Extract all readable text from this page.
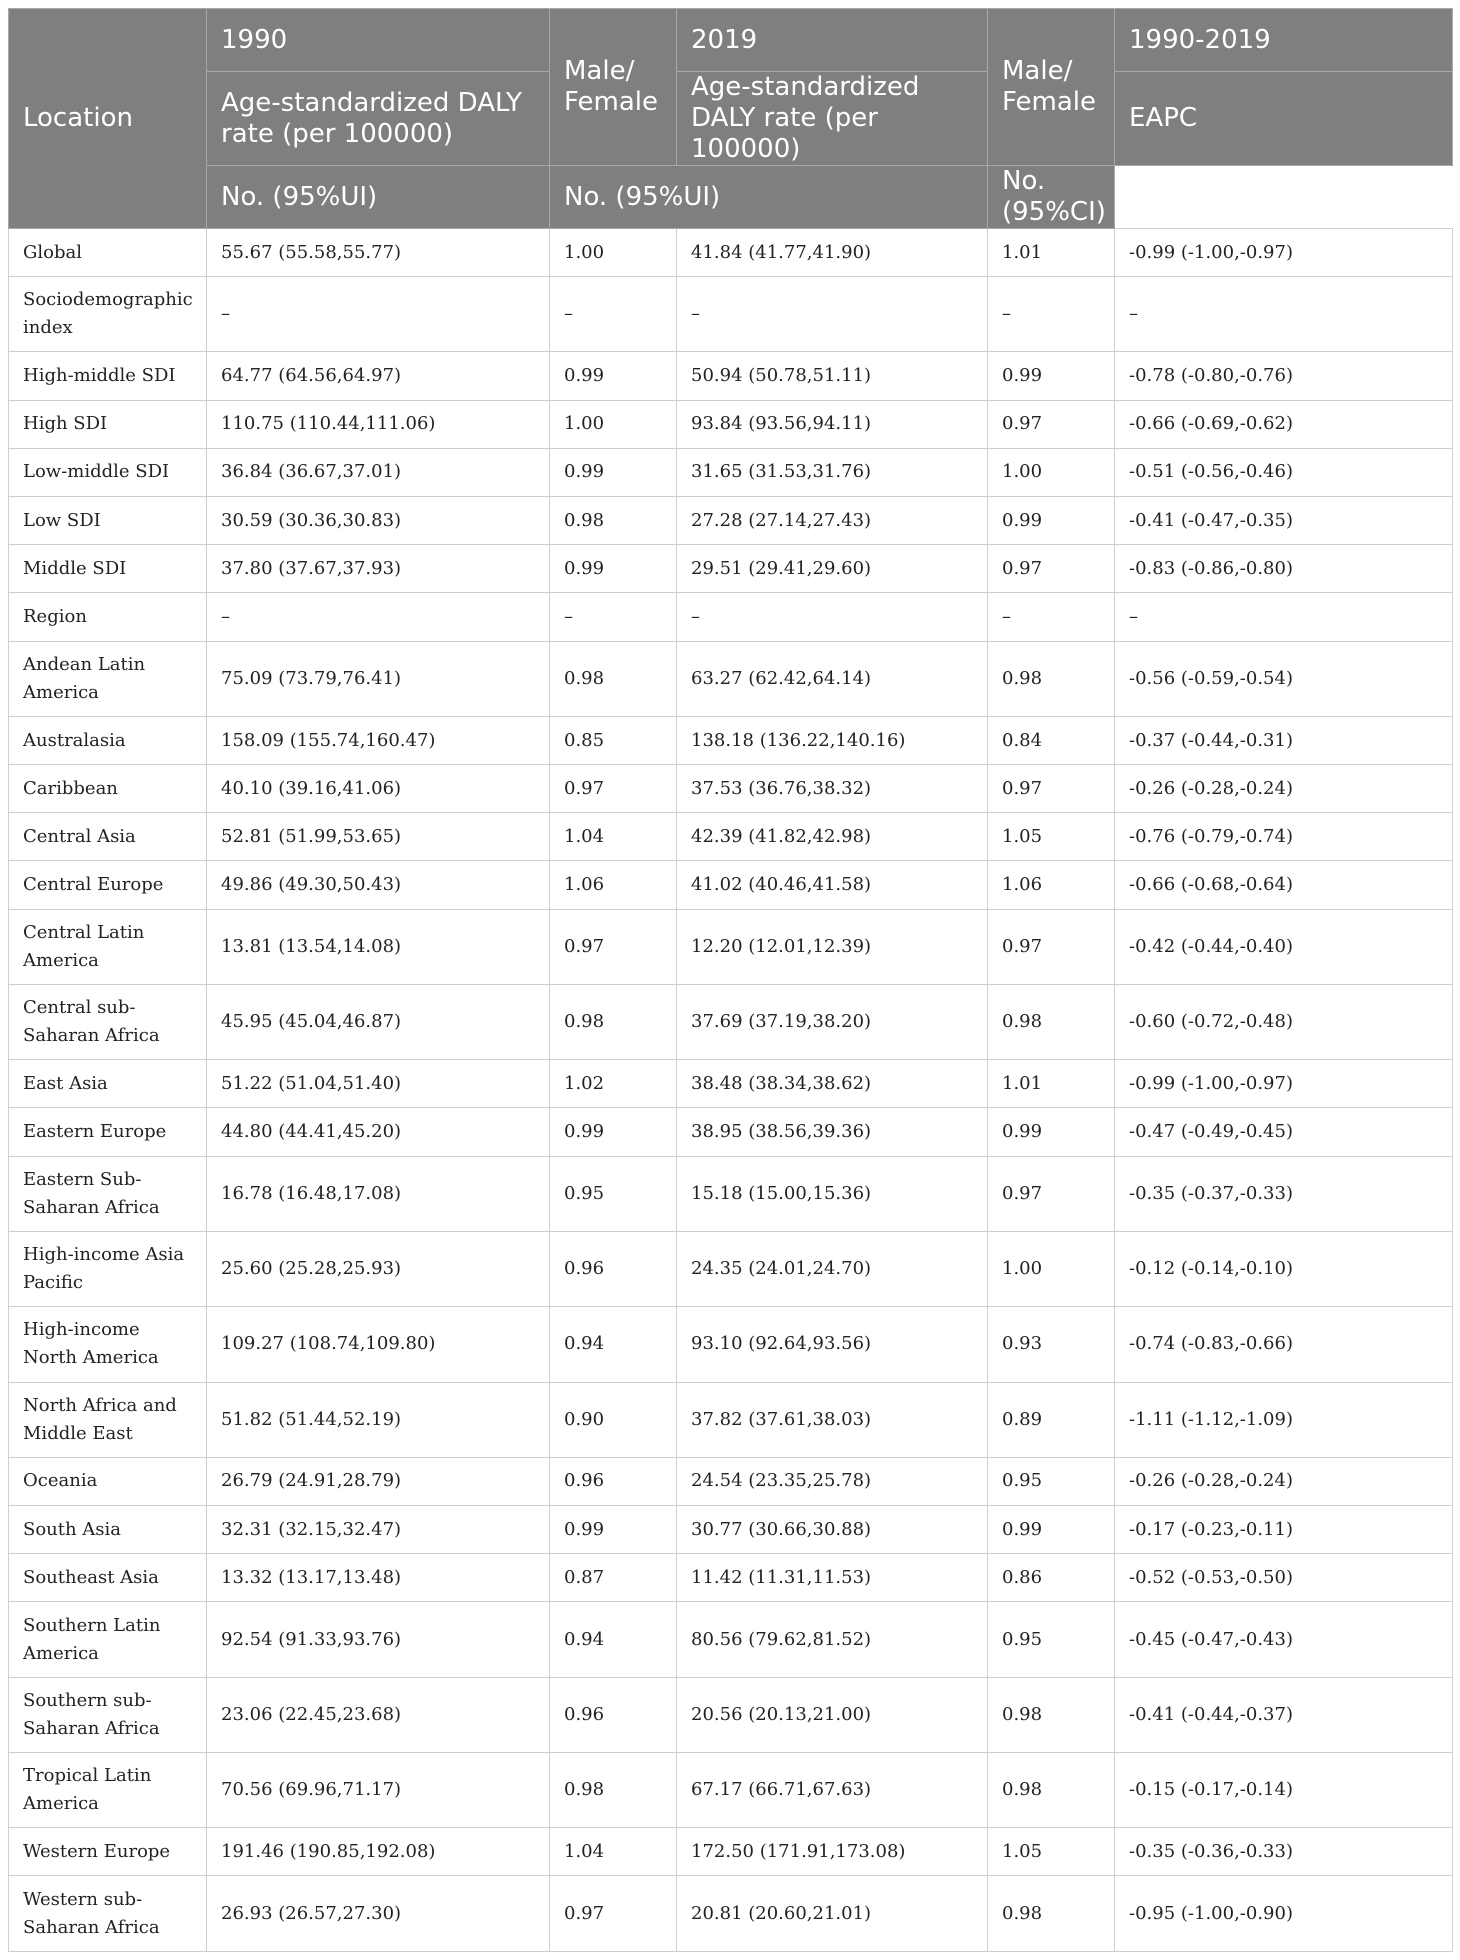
Location	1990	Male/ Female	2019	Male/ Female	1990-2019
	Age-standardized DALY rate (per 100000)		Age-standardized DALY rate (per 100000)		EAPC
	No. (95%UI)	No. (95%UI)		No. (95%CI)	
Global	55.67 (55.58,55.77)	1.00	41.84 (41.77,41.90)	1.01	-0.99 (-1.00,-0.97)
Sociodemographic index	–	–	–	–	–
High-middle SDI	64.77 (64.56,64.97)	0.99	50.94 (50.78,51.11)	0.99	-0.78 (-0.80,-0.76)
High SDI	110.75 (110.44,111.06)	1.00	93.84 (93.56,94.11)	0.97	-0.66 (-0.69,-0.62)
Low-middle SDI	36.84 (36.67,37.01)	0.99	31.65 (31.53,31.76)	1.00	-0.51 (-0.56,-0.46)
Low SDI	30.59 (30.36,30.83)	0.98	27.28 (27.14,27.43)	0.99	-0.41 (-0.47,-0.35)
Middle SDI	37.80 (37.67,37.93)	0.99	29.51 (29.41,29.60)	0.97	-0.83 (-0.86,-0.80)
Region	–	–	–	–	–
Andean Latin America	75.09 (73.79,76.41)	0.98	63.27 (62.42,64.14)	0.98	-0.56 (-0.59,-0.54)
Australasia	158.09 (155.74,160.47)	0.85	138.18 (136.22,140.16)	0.84	-0.37 (-0.44,-0.31)
Caribbean	40.10 (39.16,41.06)	0.97	37.53 (36.76,38.32)	0.97	-0.26 (-0.28,-0.24)
Central Asia	52.81 (51.99,53.65)	1.04	42.39 (41.82,42.98)	1.05	-0.76 (-0.79,-0.74)
Central Europe	49.86 (49.30,50.43)	1.06	41.02 (40.46,41.58)	1.06	-0.66 (-0.68,-0.64)
Central Latin America	13.81 (13.54,14.08)	0.97	12.20 (12.01,12.39)	0.97	-0.42 (-0.44,-0.40)
Central sub-Saharan Africa	45.95 (45.04,46.87)	0.98	37.69 (37.19,38.20)	0.98	-0.60 (-0.72,-0.48)
East Asia	51.22 (51.04,51.40)	1.02	38.48 (38.34,38.62)	1.01	-0.99 (-1.00,-0.97)
Eastern Europe	44.80 (44.41,45.20)	0.99	38.95 (38.56,39.36)	0.99	-0.47 (-0.49,-0.45)
Eastern Sub-Saharan Africa	16.78 (16.48,17.08)	0.95	15.18 (15.00,15.36)	0.97	-0.35 (-0.37,-0.33)
High-income Asia Pacific	25.60 (25.28,25.93)	0.96	24.35 (24.01,24.70)	1.00	-0.12 (-0.14,-0.10)
High-income North America	109.27 (108.74,109.80)	0.94	93.10 (92.64,93.56)	0.93	-0.74 (-0.83,-0.66)
North Africa and Middle East	51.82 (51.44,52.19)	0.90	37.82 (37.61,38.03)	0.89	-1.11 (-1.12,-1.09)
Oceania	26.79 (24.91,28.79)	0.96	24.54 (23.35,25.78)	0.95	-0.26 (-0.28,-0.24)
South Asia	32.31 (32.15,32.47)	0.99	30.77 (30.66,30.88)	0.99	-0.17 (-0.23,-0.11)
Southeast Asia	13.32 (13.17,13.48)	0.87	11.42 (11.31,11.53)	0.86	-0.52 (-0.53,-0.50)
Southern Latin America	92.54 (91.33,93.76)	0.94	80.56 (79.62,81.52)	0.95	-0.45 (-0.47,-0.43)
Southern sub-Saharan Africa	23.06 (22.45,23.68)	0.96	20.56 (20.13,21.00)	0.98	-0.41 (-0.44,-0.37)
Tropical Latin America	70.56 (69.96,71.17)	0.98	67.17 (66.71,67.63)	0.98	-0.15 (-0.17,-0.14)
Western Europe	191.46 (190.85,192.08)	1.04	172.50 (171.91,173.08)	1.05	-0.35 (-0.36,-0.33)
Western sub-Saharan Africa	26.93 (26.57,27.30)	0.97	20.81 (20.60,21.01)	0.98	-0.95 (-1.00,-0.90)
